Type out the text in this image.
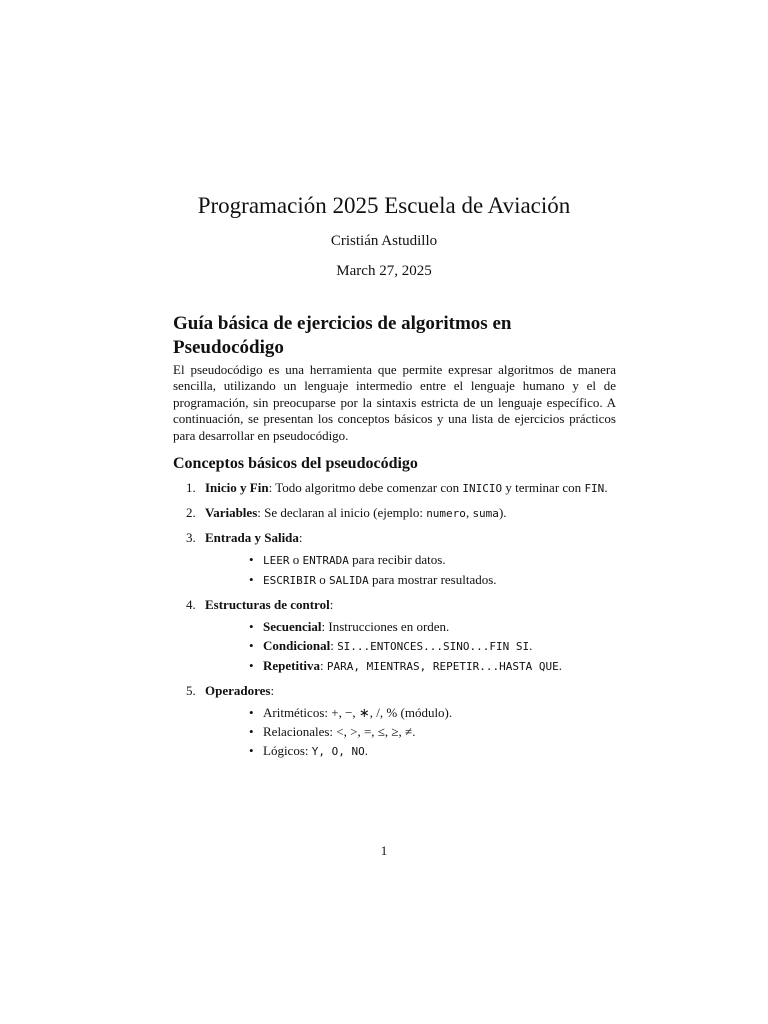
Programación 2025 Escuela de Aviación
Cristián Astudillo
March 27, 2025
Guía básica de ejercicios de algoritmos en Pseudocódigo

El pseudocódigo es una herramienta que permite expresar algoritmos de manera sencilla, utilizando un lenguaje intermedio entre el lenguaje humano y el de programación, sin preocuparse por la sintaxis estricta de un lenguaje específico. A continuación, se presentan los conceptos básicos y una lista de ejercicios prácticos para desarrollar en pseudocódigo.

Conceptos básicos del pseudocódigo
1. Inicio y Fin: Todo algoritmo debe comenzar con INICIO y terminar con FIN.
2. Variables: Se declaran al inicio (ejemplo: numero, suma).
3. Entrada y Salida:
• LEER o ENTRADA para recibir datos.
• ESCRIBIR o SALIDA para mostrar resultados.
4. Estructuras de control:
• Secuencial: Instrucciones en orden.
• Condicional: SI...ENTONCES...SINO...FIN SI.
• Repetitiva: PARA, MIENTRAS, REPETIR...HASTA QUE.
5. Operadores:
• Aritméticos: +, −, ∗, /, % (módulo).
• Relacionales: <, >, =, ≤, ≥, ≠.
• Lógicos: Y, O, NO.
1
